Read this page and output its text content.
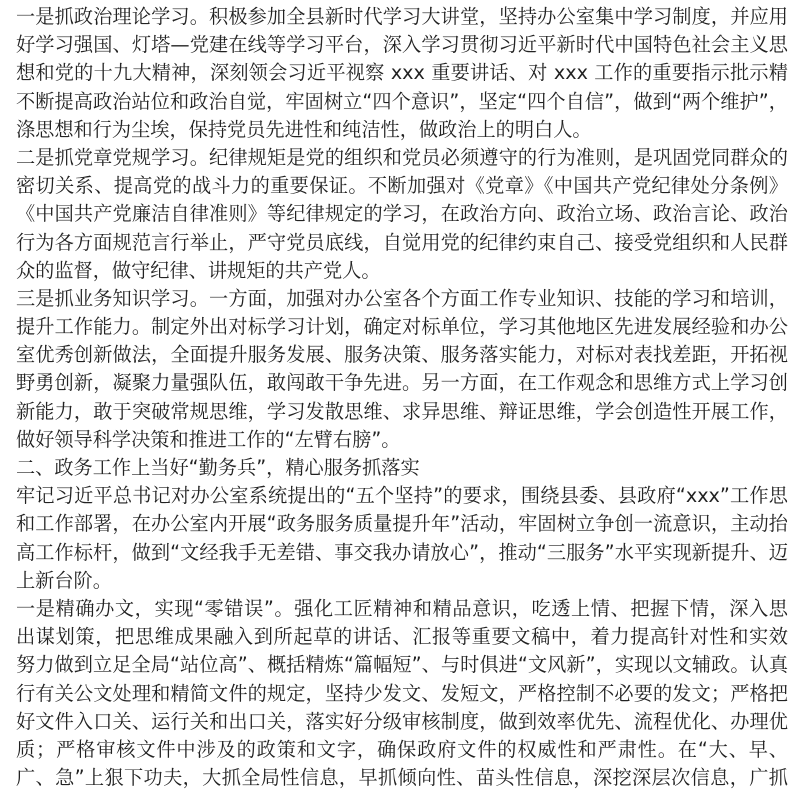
一是抓政治理论学习。积极参加全县新时代学习大讲堂，坚持办公室集中学习制度，并应用
好学习强国、灯塔—党建在线等学习平台，深入学习贯彻习近平新时代中国特色社会主义思
想和党的十九大精神，深刻领会习近平视察 xxx 重要讲话、对 xxx 工作的重要指示批示精
不断提高政治站位和政治自觉，牢固树立“四个意识”，坚定“四个自信”，做到“两个维护”，
涤思想和行为尘埃，保持党员先进性和纯洁性，做政治上的明白人。
二是抓党章党规学习。纪律规矩是党的组织和党员必须遵守的行为准则，是巩固党同群众的
密切关系、提高党的战斗力的重要保证。不断加强对《党章》《中国共产党纪律处分条例》
《中国共产党廉洁自律准则》等纪律规定的学习，在政治方向、政治立场、政治言论、政治
行为各方面规范言行举止，严守党员底线，自觉用党的纪律约束自己、接受党组织和人民群
众的监督，做守纪律、讲规矩的共产党人。
三是抓业务知识学习。一方面，加强对办公室各个方面工作专业知识、技能的学习和培训，
提升工作能力。制定外出对标学习计划，确定对标单位，学习其他地区先进发展经验和办公
室优秀创新做法，全面提升服务发展、服务决策、服务落实能力，对标对表找差距，开拓视
野勇创新，凝聚力量强队伍，敢闯敢干争先进。另一方面，在工作观念和思维方式上学习创
新能力，敢于突破常规思维，学习发散思维、求异思维、辩证思维，学会创造性开展工作，
做好领导科学决策和推进工作的“左臂右膀”。
二、政务工作上当好“勤务兵”，精心服务抓落实
牢记习近平总书记对办公室系统提出的“五个坚持”的要求，围绕县委、县政府“xxx”工作思
和工作部署，在办公室内开展“政务服务质量提升年”活动，牢固树立争创一流意识，主动抬
高工作标杆，做到“文经我手无差错、事交我办请放心”，推动“三服务”水平实现新提升、迈
上新台阶。
一是精确办文，实现“零错误”。强化工匠精神和精品意识，吃透上情、把握下情，深入思
出谋划策，把思维成果融入到所起草的讲话、汇报等重要文稿中，着力提高针对性和实效
努力做到立足全局“站位高”、概括精炼“篇幅短”、与时俱进“文风新”，实现以文辅政。认真
行有关公文处理和精简文件的规定，坚持少发文、发短文，严格控制不必要的发文；严格把
好文件入口关、运行关和出口关，落实好分级审核制度，做到效率优先、流程优化、办理优
质；严格审核文件中涉及的政策和文字，确保政府文件的权威性和严肃性。在“大、早、
广、急”上狠下功夫，大抓全局性信息，早抓倾向性、苗头性信息，深挖深层次信息，广抓
